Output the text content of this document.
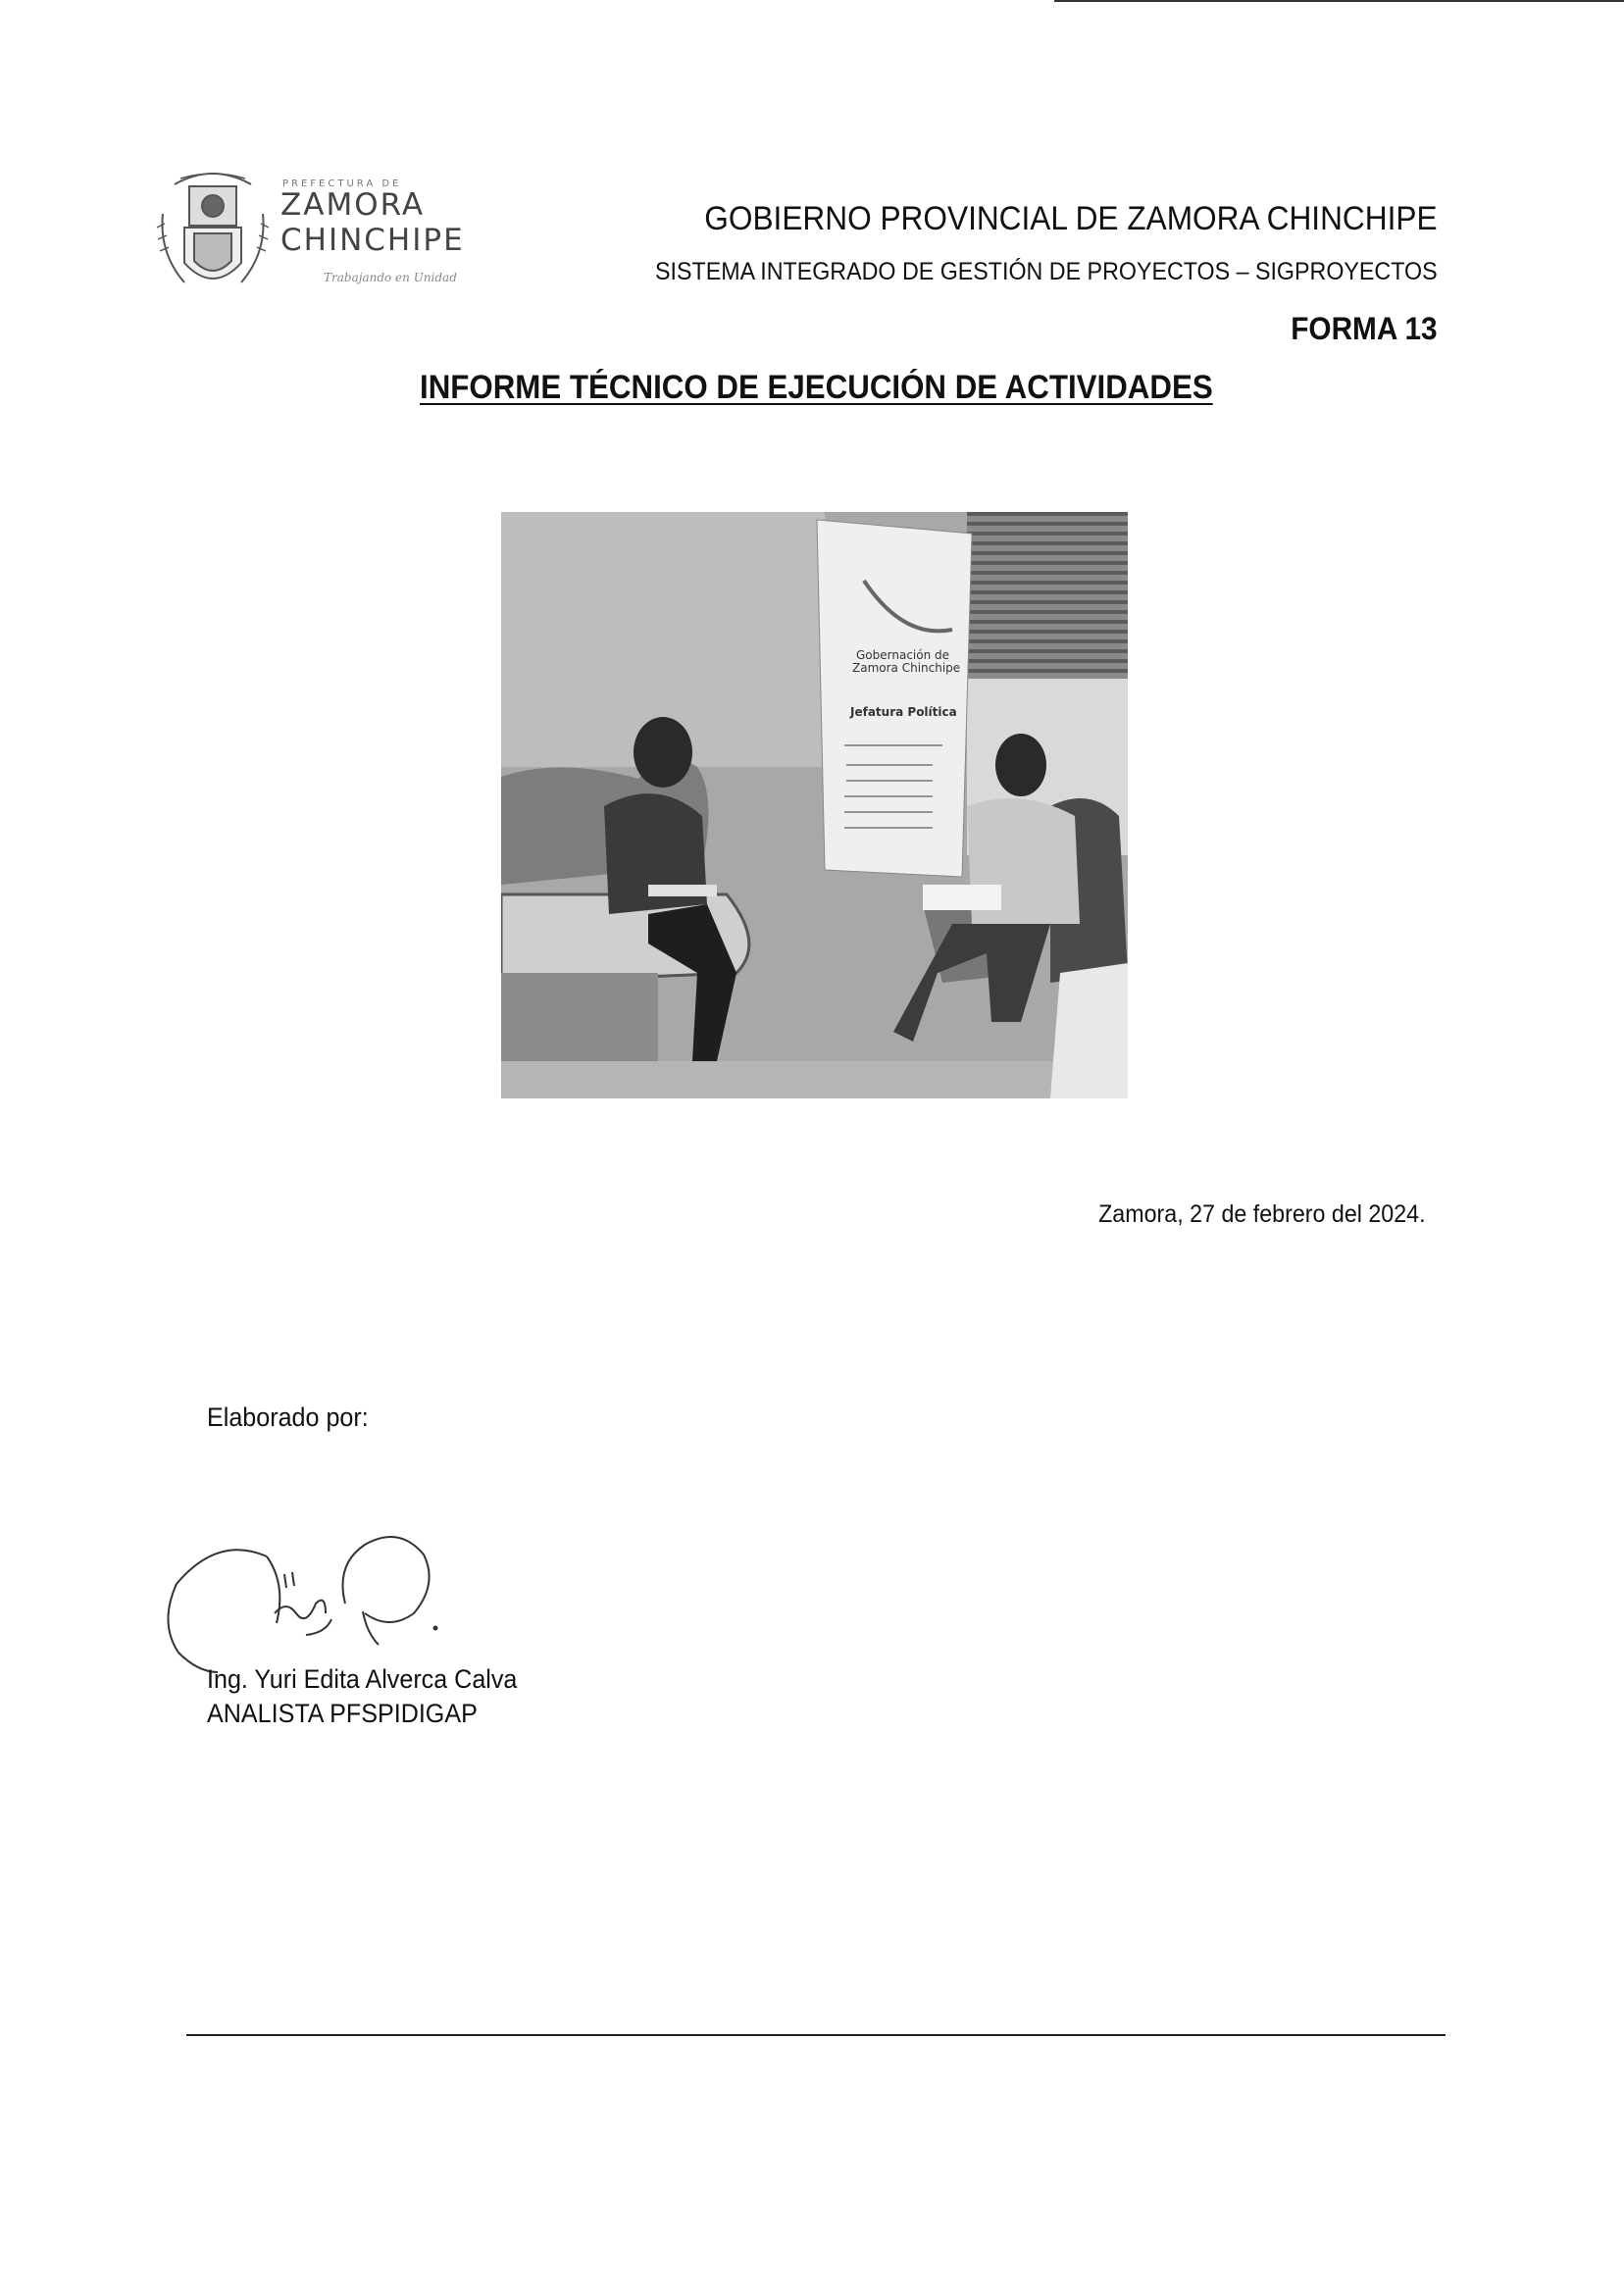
PREFECTURA DE
ZAMORA
CHINCHIPE
Trabajando en Unidad
GOBIERNO PROVINCIAL DE ZAMORA CHINCHIPE
SISTEMA INTEGRADO DE GESTIÓN DE PROYECTOS – SIGPROYECTOS
FORMA 13
INFORME TÉCNICO DE EJECUCIÓN DE ACTIVIDADES
Gobernación de
Zamora Chinchipe
Jefatura Política
Zamora, 27 de febrero del 2024.
Elaborado por:
Ing. Yuri Edita Alverca Calva
ANALISTA PFSPIDIGAP
